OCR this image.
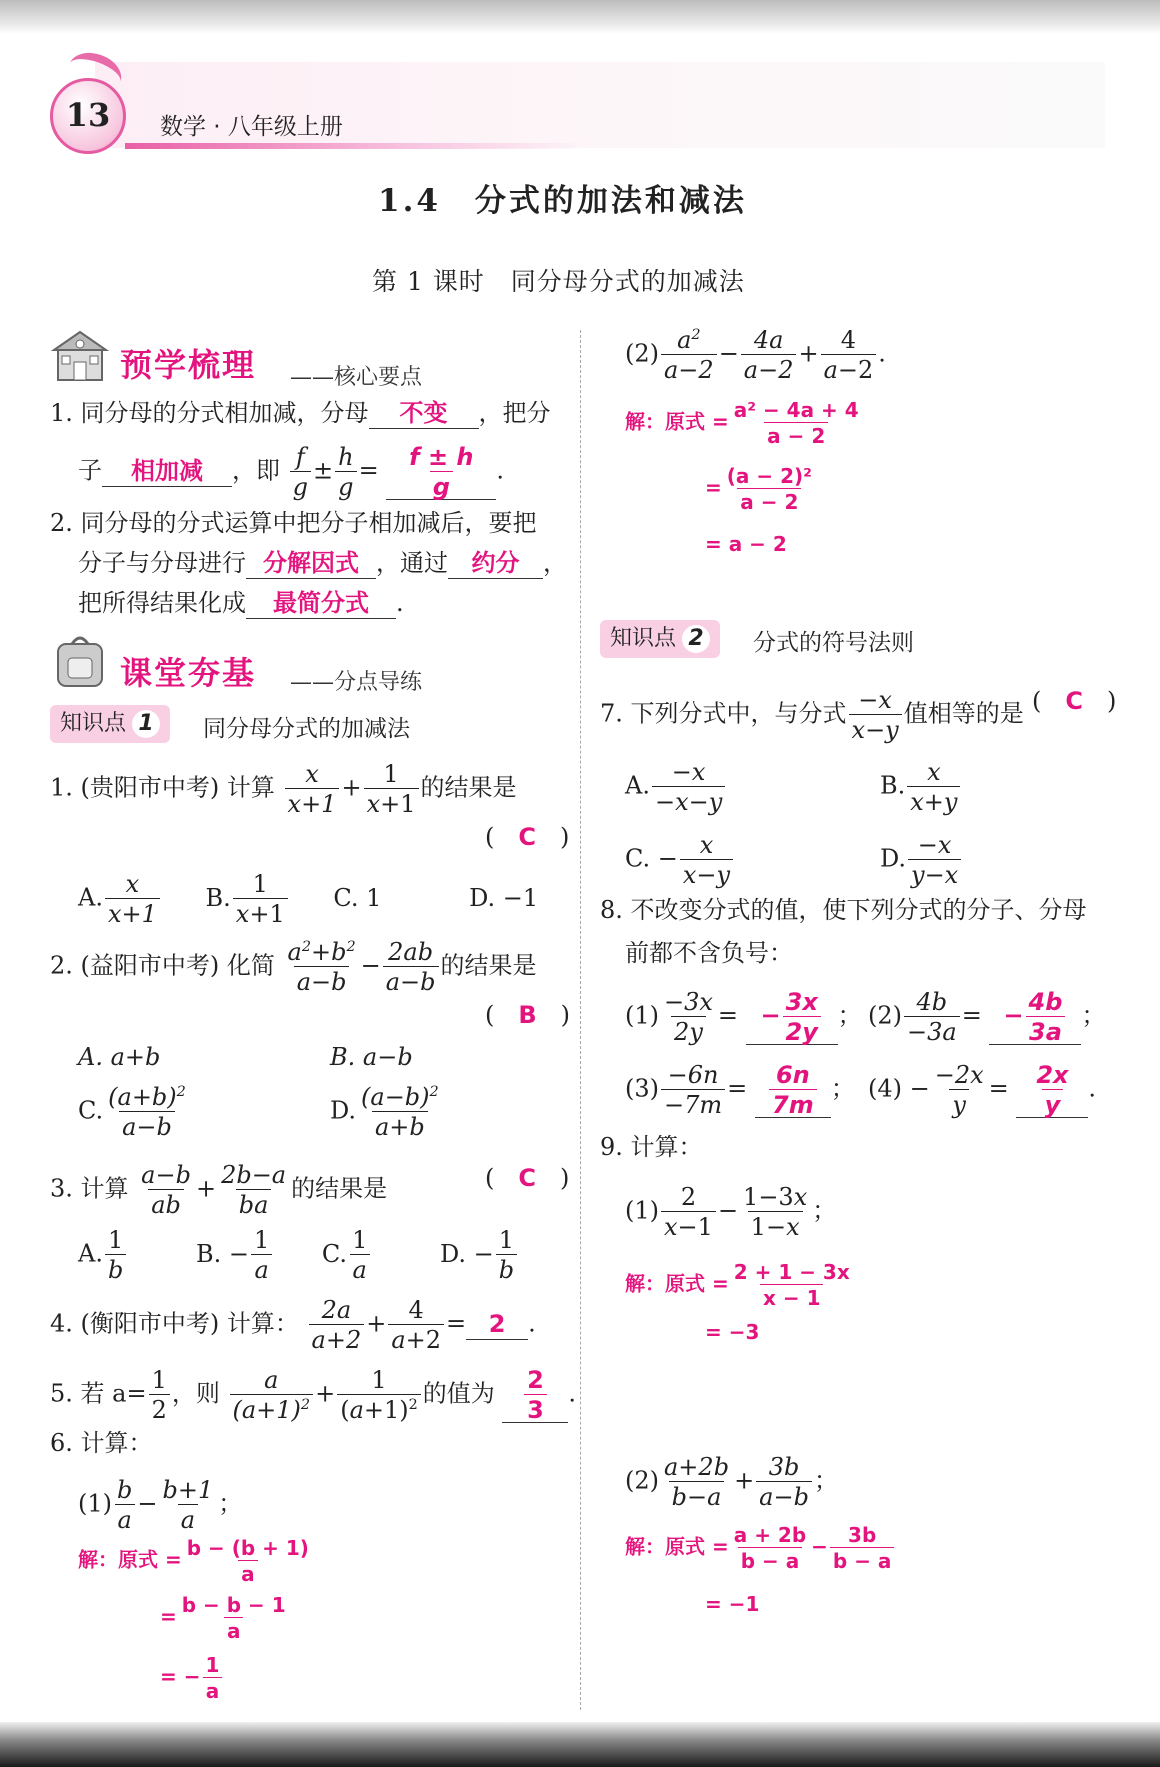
13	数学 · 八年级上册
1.4　分式的加法和减法
第 1 课时　同分母分式的加减法
预学梳理 ——核心要点
1. 同分母的分式相加减，分母 不变 ，把分
子 相加减 ，即 $\frac{f}{g} \pm \frac{h}{g} = \frac{f \pm h}{g}$ .
2. 同分母的分式运算中把分子相加减后，要把
分子与分母进行 分解因式 ，通过 约分 ，
把所得结果化成 最简分式 .
课堂夯基 ——分点导练
知识点 1	同分母分式的加减法
1. (贵阳市中考) 计算 $\frac{x}{x+1} + \frac{1}{x+1}$ 的结果是
(　C　)
A. $\frac{x}{x+1} B$. $\frac{1}{x+1} C$. 1	D. −1
2. (益阳市中考) 化简 $\frac{a^2+b^2}{a-b} - \frac{2ab}{a-b}$ 的结果是
(　B　)
A. a+b	B. a−b
C. $\frac{(a+b)^2}{a-b}$	D. $\frac{(a-b)^2}{a+b}$
3. 计算 $\frac{a-b}{ab} + \frac{2b-a}{ba}$ 的结果是	(　C　)
A. $\frac{1}{b}$	B. − $\frac{1}{a} C$. $\frac{1}{a}$	D. − $\frac{1}{b}$
4. (衡阳市中考) 计算： $\frac{2a}{a+2} + \frac{4}{a+2} = 2$ .
5. 若 $a= \frac{1}{2}$ ，则 $\frac{a}{(a+1)^2} + \frac{1}{(a+1)^2}$ 的值为 $\frac{2}{3}$ .
6. 计算：
$(1) \frac{b}{a} - \frac{b+1}{a}$ ；
解：原式 = $\frac{b - (b + 1)}{a}$
= $\frac{b - b - 1}{a}$
= − $\frac{1}{a}$
$(2) \frac{a^2}{a-2} - \frac{4a}{a-2} + \frac{4}{a-2}$ .
解：原式 = $\frac{\text{a² − 4a + 4}}{a - 2}$
= $\frac{\text{(a − 2)²}}{a - 2}$
= a − 2
知识点 2	分式的符号法则
7. 下列分式中，与分式 $\frac{-x}{x-y}$ 值相等的是 (　C　)
A. $\frac{-x}{-x-y}$	B. $\frac{x}{x+y}$
C. − $\frac{x}{x-y}$	D. $\frac{-x}{y-x}$
8. 不改变分式的值，使下列分式的分子、分母
前都不含负号：
$(1) \frac{-3x}{2y}$ = − $\frac{3x}{2y}$ ； $(2) \frac{4b}{-3a}$ = − $\frac{4b}{3a}$ ；
$(3) \frac{-6n}{-7m} = \frac{6n}{7m}$ ； $(4) - \frac{-2x}{y} = \frac{2x}{y}$ .
9. 计算：
$(1) \frac{2}{x-1} - \frac{1-3x}{1-x}$ ；
解：原式 = $\frac{2 + 1 - 3x}{x - 1}$
= −3
$(2) \frac{a+2b}{b-a} + \frac{3b}{a-b}$ ；
解：原式 = $\frac{a + 2b}{b - a} - \frac{3b}{b - a}$
= −1
